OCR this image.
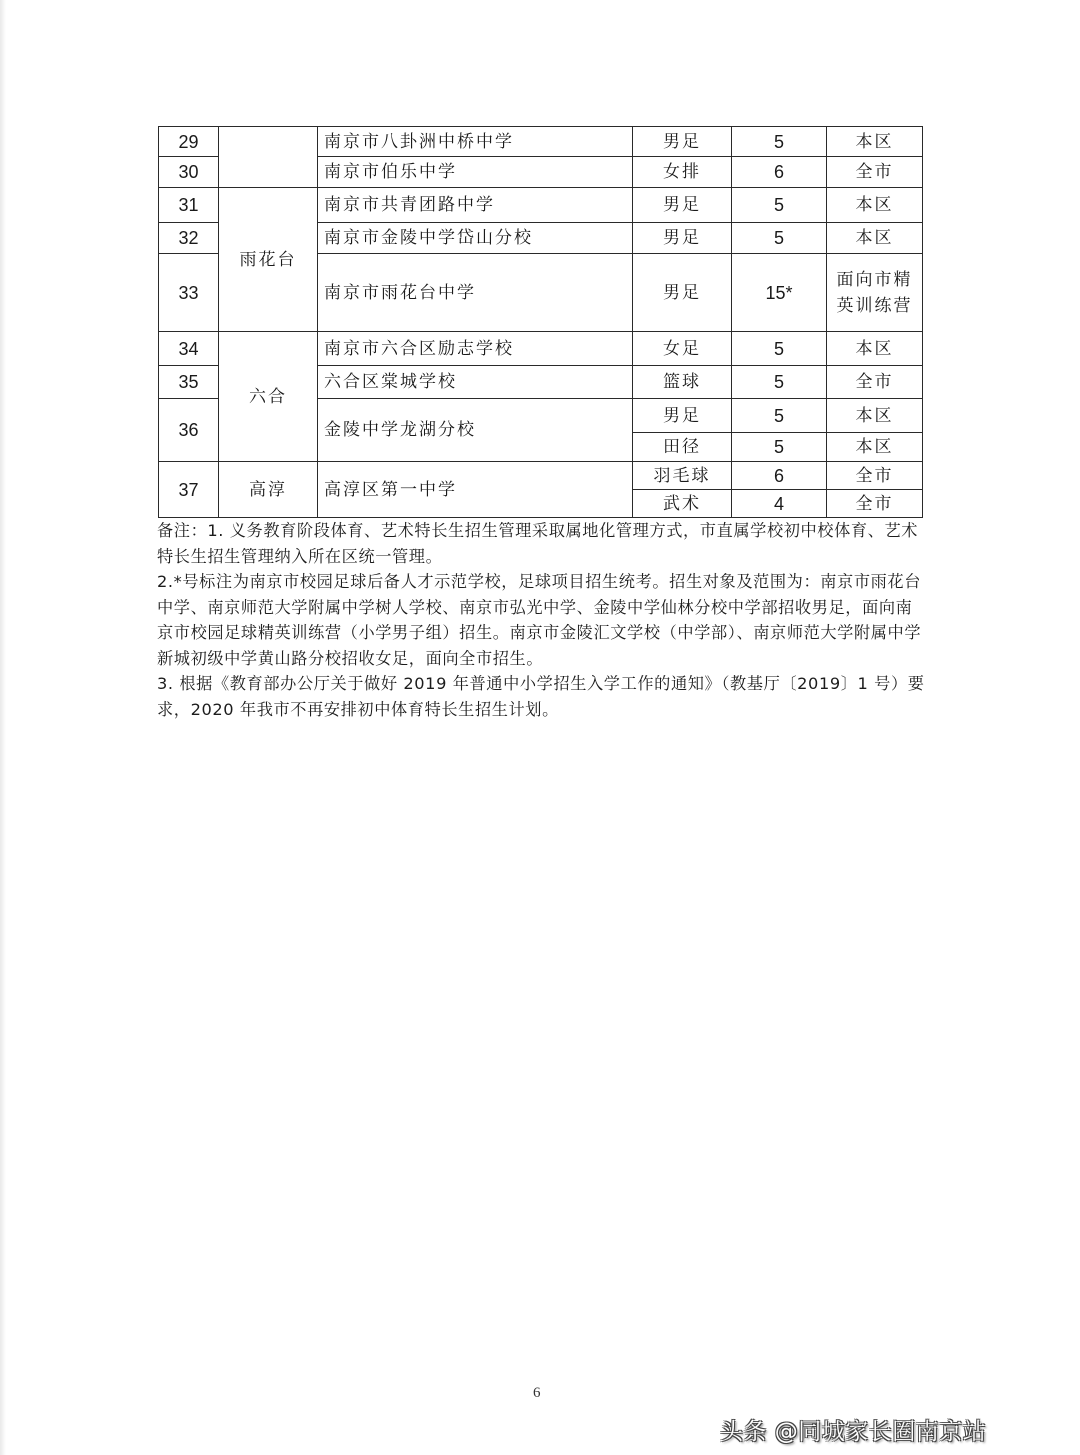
29		南京市八卦洲中桥中学	男足	5	本区
30		南京市伯乐中学	女排	6	全市
31	雨花台	南京市共青团路中学	男足	5	本区
32		南京市金陵中学岱山分校	男足	5	本区
33		南京市雨花台中学	男足	15*	面向市精
英训练营

34	六合	南京市六合区励志学校	女足	5	本区
35		六合区棠城学校	篮球	5	全市
36		金陵中学龙湖分校	男足	5	本区
			田径	5	本区
37	高淳	高淳区第一中学	羽毛球	6	全市
			武术	4	全市

备注：1. 义务教育阶段体育、艺术特长生招生管理采取属地化管理方式，市直属学校初中校体育、艺术特长生招生管理纳入所在区统一管理。

2.*号标注为南京市校园足球后备人才示范学校，足球项目招生统考。招生对象及范围为：南京市雨花台中学、南京师范大学附属中学树人学校、南京市弘光中学、金陵中学仙林分校中学部招收男足，面向南京市校园足球精英训练营（小学男子组）招生。南京市金陵汇文学校（中学部）、南京师范大学附属中学新城初级中学黄山路分校招收女足，面向全市招生。

3. 根据《教育部办公厅关于做好 2019 年普通中小学招生入学工作的通知》（教基厅〔2019〕1 号）要求，2020 年我市不再安排初中体育特长生招生计划。

6
头条 @同城家长圈南京站
